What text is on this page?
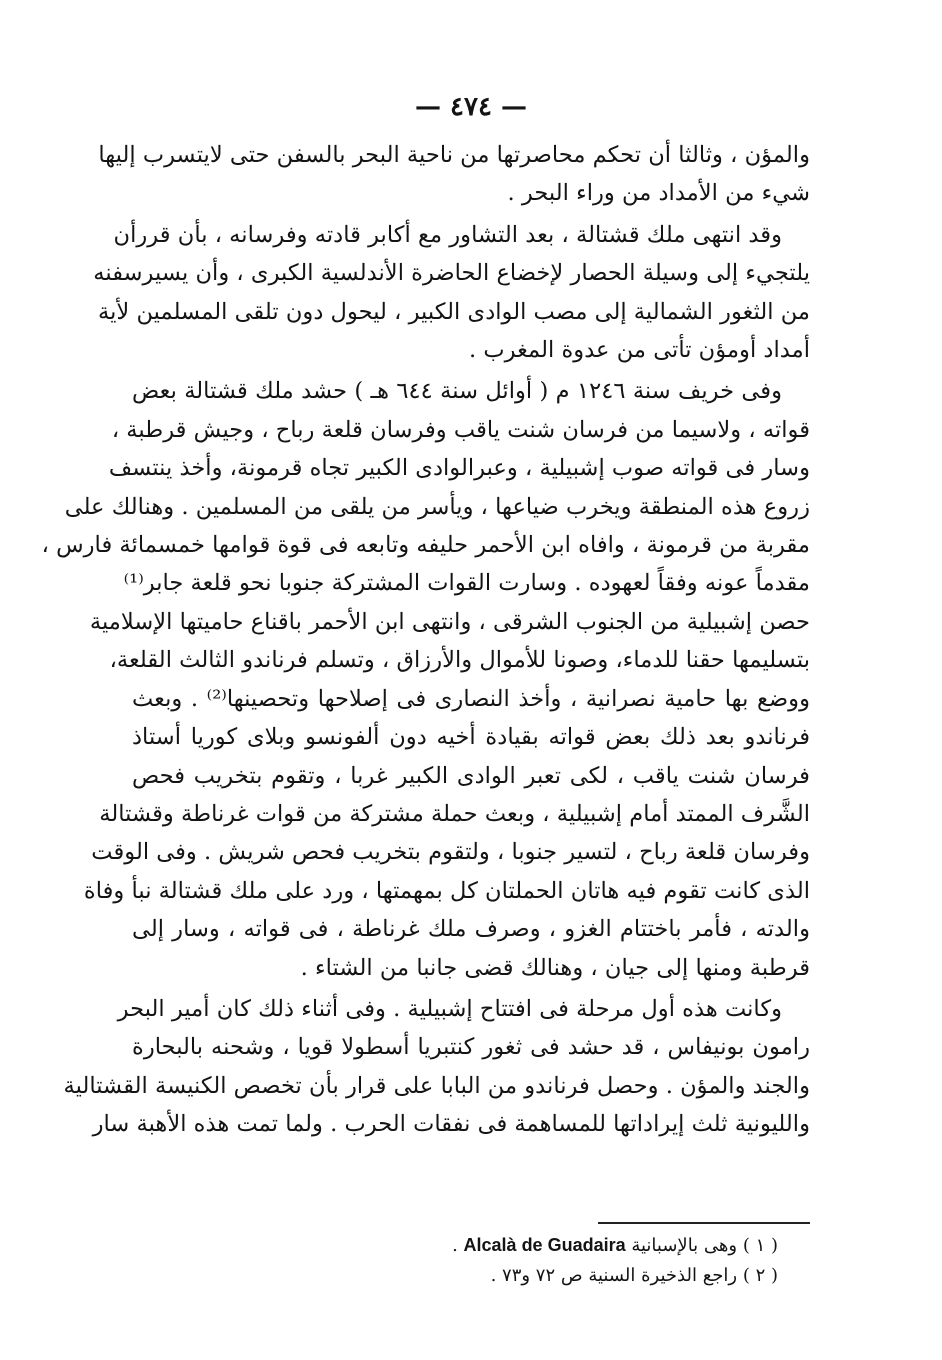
— ٤٧٤ —

والمؤن ، وثالثا أن تحكم محاصرتها من ناحية البحر بالسفن حتى لايتسرب إليها
شيء من الأمداد من وراء البحر .

وقد انتهى ملك قشتالة ، بعد التشاور مع أكابر قادته وفرسانه ، بأن قررأن
يلتجيء إلى وسيلة الحصار لإخضاع الحاضرة الأندلسية الكبرى ، وأن يسيرسفنه
من الثغور الشمالية إلى مصب الوادى الكبير ، ليحول دون تلقى المسلمين لأية
أمداد أومؤن تأتى من عدوة المغرب .

وفى خريف سنة ١٢٤٦ م ( أوائل سنة ٦٤٤ هـ ) حشد ملك قشتالة بعض
قواته ، ولاسيما من فرسان شنت ياقب وفرسان قلعة رباح ، وجيش قرطبة ،
وسار فى قواته صوب إشبيلية ، وعبرالوادى الكبير تجاه قرمونة، وأخذ ينتسف
زروع هذه المنطقة ويخرب ضياعها ، ويأسر من يلقى من المسلمين . وهنالك على
مقربة من قرمونة ، وافاه ابن الأحمر حليفه وتابعه فى قوة قوامها خمسمائة فارس ،
مقدماً عونه وفقاً لعهوده . وسارت القوات المشتركة جنوبا نحو قلعة جابر⁽¹⁾
حصن إشبيلية من الجنوب الشرقى ، وانتهى ابن الأحمر باقناع حاميتها الإسلامية
بتسليمها حقنا للدماء، وصونا للأموال والأرزاق ، وتسلم فرناندو الثالث القلعة،
ووضع بها حامية نصرانية ، وأخذ النصارى فى إصلاحها وتحصينها⁽²⁾ . وبعث
فرناندو بعد ذلك بعض قواته بقيادة أخيه دون ألفونسو وبلاى كوريا أستاذ
فرسان شنت ياقب ، لكى تعبر الوادى الكبير غربا ، وتقوم بتخريب فحص
الشَّرف الممتد أمام إشبيلية ، وبعث حملة مشتركة من قوات غرناطة وقشتالة
وفرسان قلعة رباح ، لتسير جنوبا ، ولتقوم بتخريب فحص شريش . وفى الوقت
الذى كانت تقوم فيه هاتان الحملتان كل بمهمتها ، ورد على ملك قشتالة نبأ وفاة
والدته ، فأمر باختتام الغزو ، وصرف ملك غرناطة ، فى قواته ، وسار إلى
قرطبة ومنها إلى جيان ، وهنالك قضى جانبا من الشتاء .

وكانت هذه أول مرحلة فى افتتاح إشبيلية . وفى أثناء ذلك كان أمير البحر
رامون بونيفاس ، قد حشد فى ثغور كنتبريا أسطولا قويا ، وشحنه بالبحارة
والجند والمؤن . وحصل فرناندو من البابا على قرار بأن تخصص الكنيسة القشتالية
والليونية ثلث إيراداتها للمساهمة فى نفقات الحرب . ولما تمت هذه الأهبة سار

( ١ ) وهى بالإسبانية Alcalà de Guadaira .
( ٢ ) راجع الذخيرة السنية ص ٧٢ و٧٣ .
